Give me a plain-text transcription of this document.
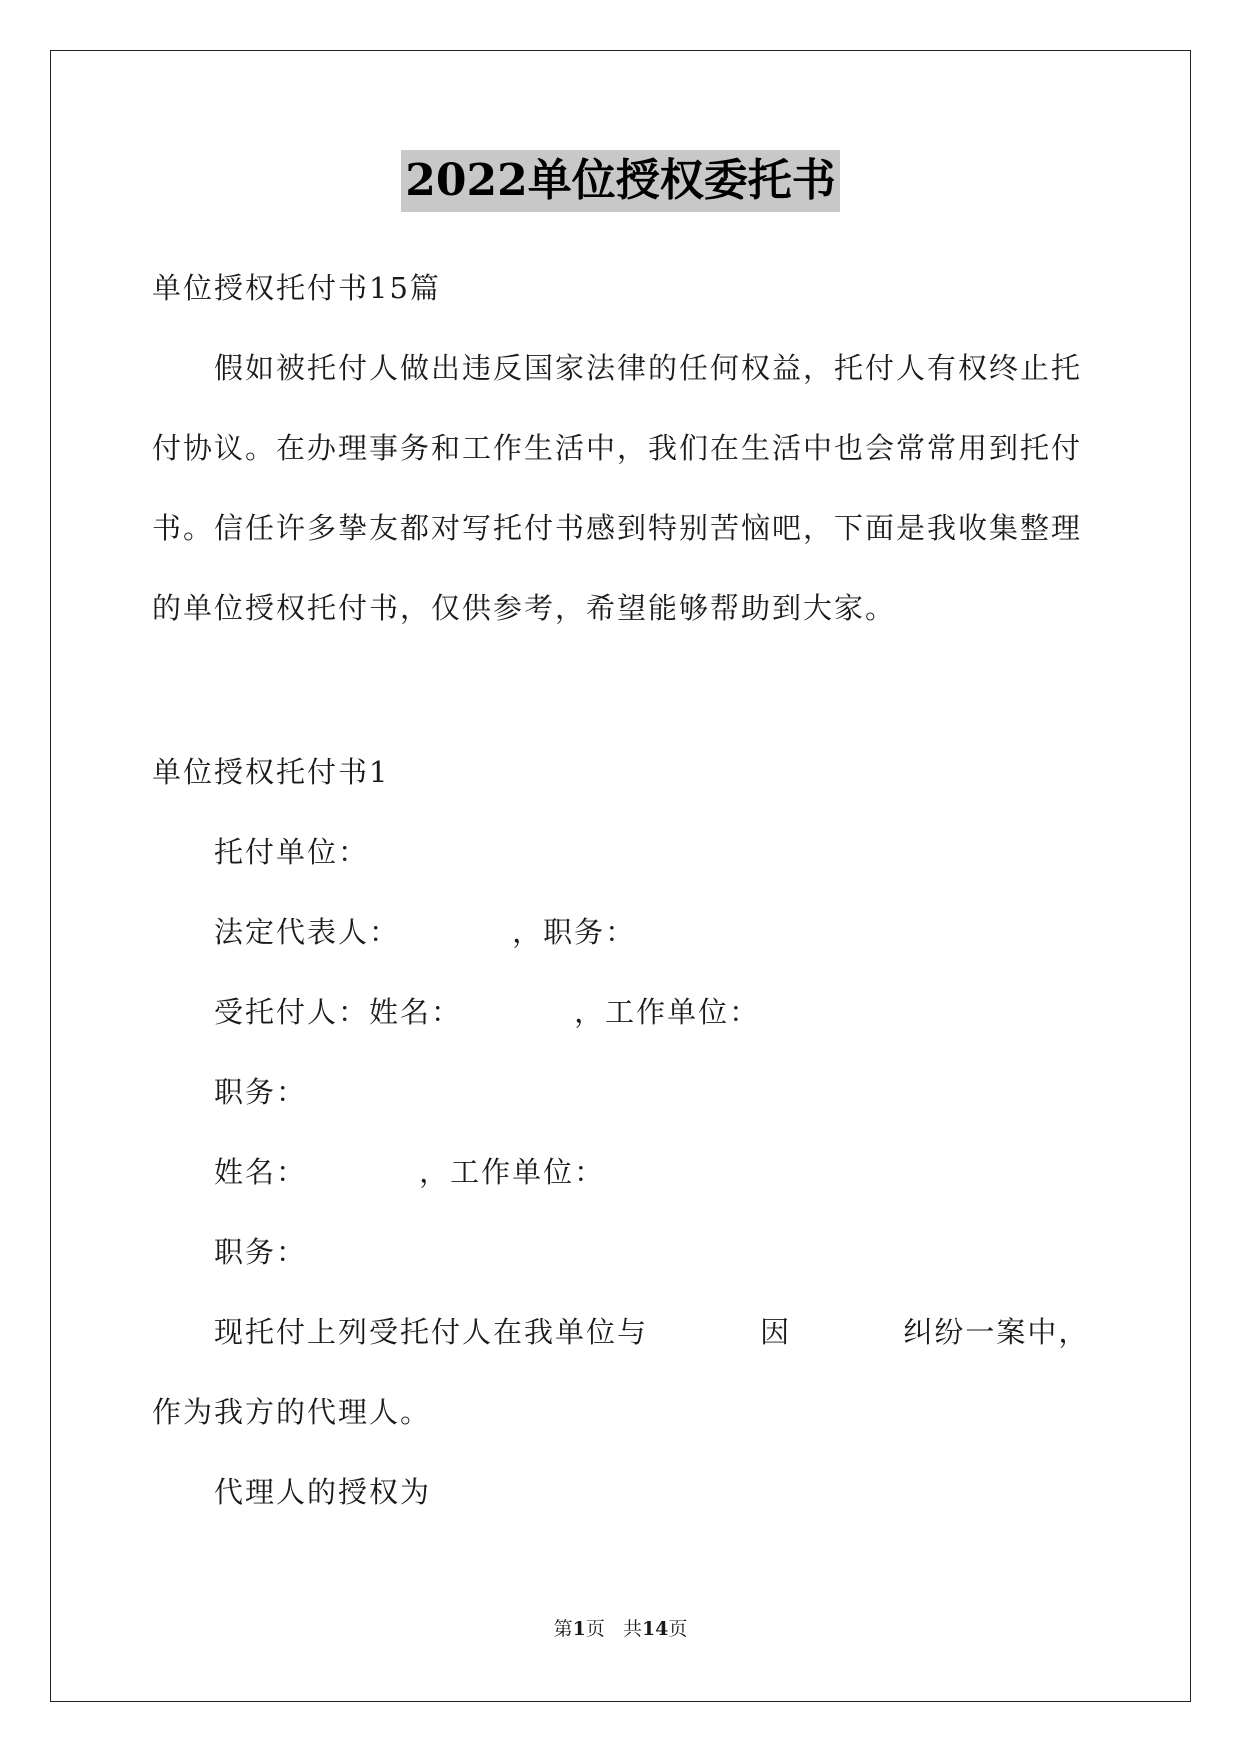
2022单位授权委托书
单位授权托付书15篇
假如被托付人做出违反国家法律的任何权益，托付人有权终止托
付协议。在办理事务和工作生活中，我们在生活中也会常常用到托付
书。信任许多挚友都对写托付书感到特别苦恼吧，下面是我收集整理
的单位授权托付书，仅供参考，希望能够帮助到大家。
单位授权托付书1
托付单位：
法定代表人：          ，职务：
受托付人：姓名：          ，工作单位：
职务：
姓名：          ，工作单位：
职务：
现托付上列受托付人在我单位与          因          纠纷一案中，
作为我方的代理人。
代理人的授权为
第1页   共14页
